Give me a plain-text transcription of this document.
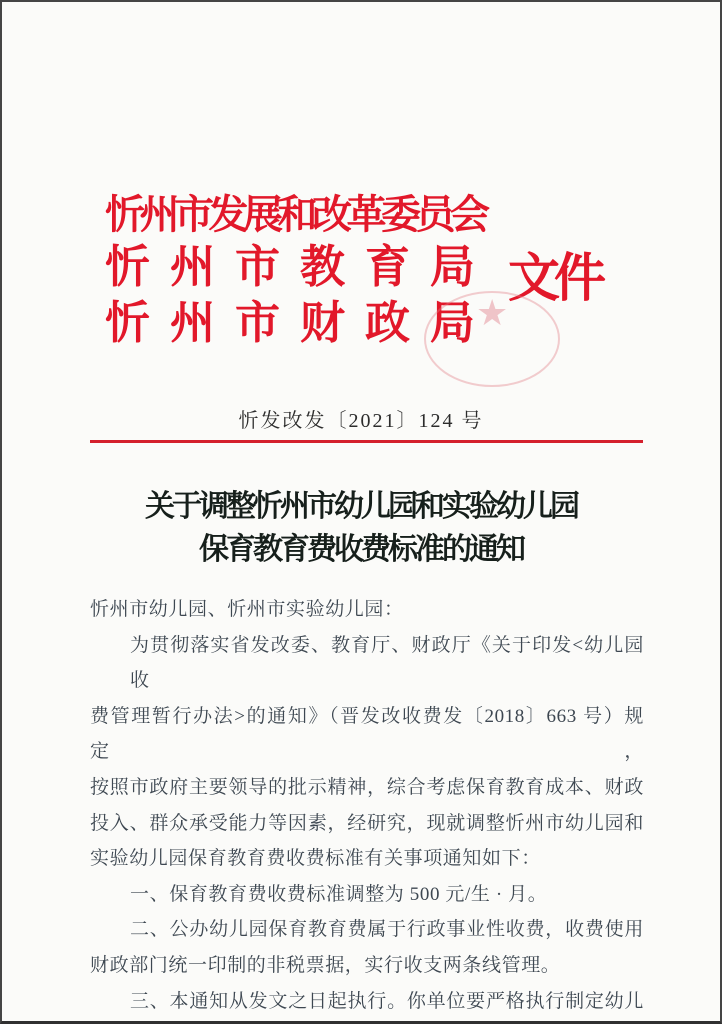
忻州市发展和改革委员会
忻 州 市 教 育 局 文件
忻 州 市 财 政 局 ★
忻发改发〔2021〕124 号
关于调整忻州市幼儿园和实验幼儿园
保育教育费收费标准的通知
忻州市幼儿园、忻州市实验幼儿园：
为贯彻落实省发改委、教育厅、财政厅《关于印发<幼儿园收
费管理暂行办法>的通知》（晋发改收费发〔2018〕663 号）规定，
按照市政府主要领导的批示精神，综合考虑保育教育成本、财政
投入、群众承受能力等因素，经研究，现就调整忻州市幼儿园和
实验幼儿园保育教育费收费标准有关事项通知如下：
一、保育教育费收费标准调整为 500 元/生 · 月。
二、公办幼儿园保育教育费属于行政事业性收费，收费使用
财政部门统一印制的非税票据，实行收支两条线管理。
三、本通知从发文之日起执行。你单位要严格执行制定幼儿
